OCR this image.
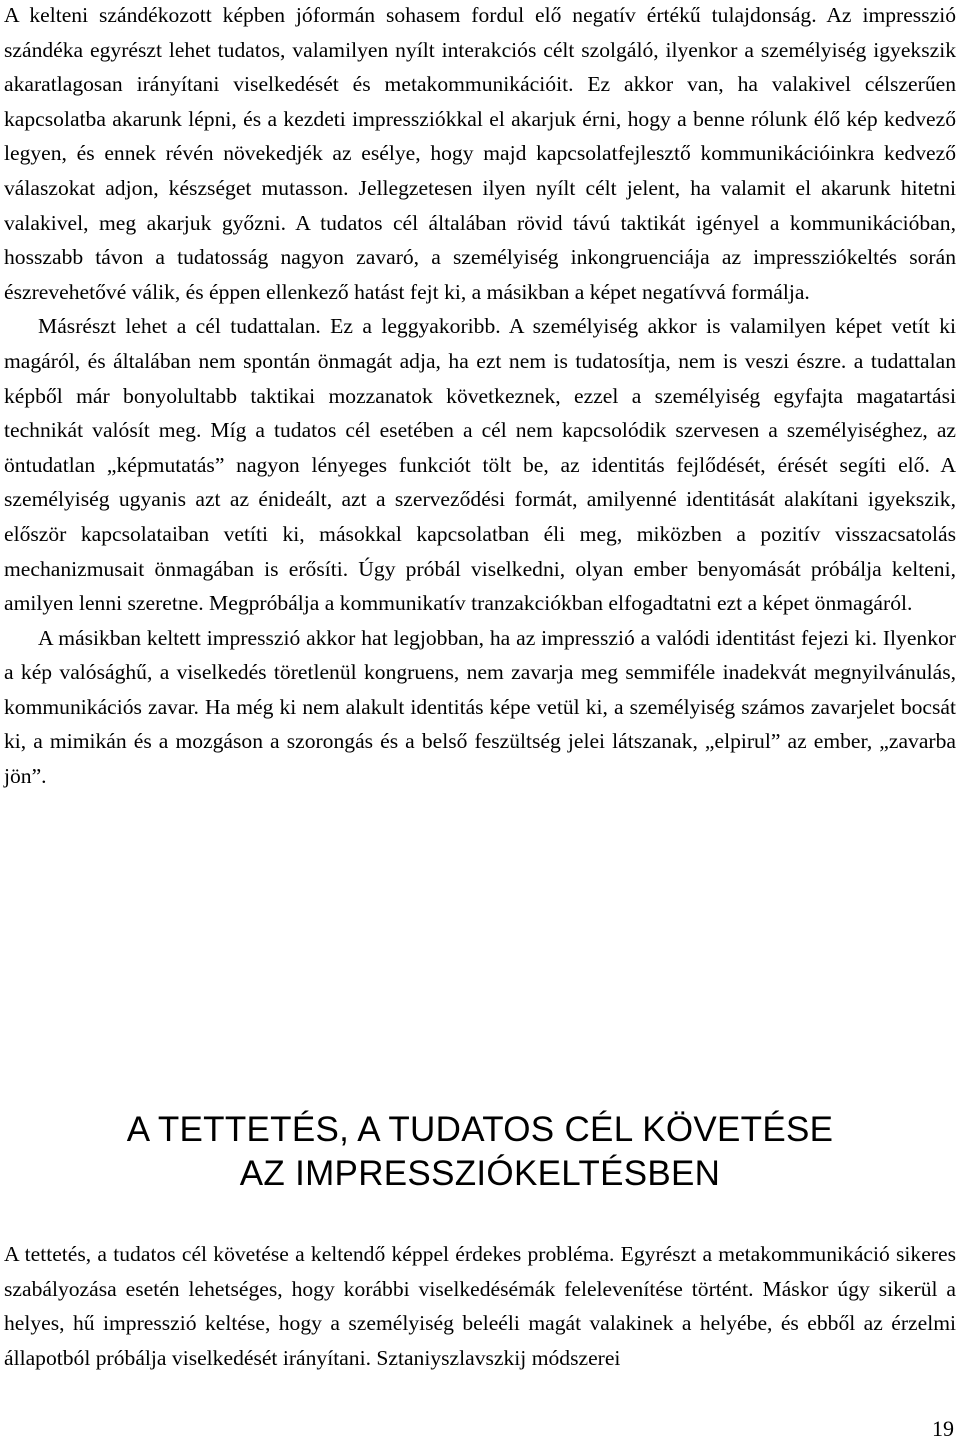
A kelteni szándékozott képben jóformán sohasem fordul elő negatív értékű tulajdonság. Az impresszió szándéka egyrészt lehet tudatos, valamilyen nyílt interakciós célt szolgáló, ilyenkor a személyiség igyekszik akaratlagosan irányítani viselkedését és metakommunikációit. Ez akkor van, ha valakivel célszerűen kapcsolatba akarunk lépni, és a kezdeti impressziókkal el akarjuk érni, hogy a benne rólunk élő kép kedvező legyen, és ennek révén növekedjék az esélye, hogy majd kapcsolatfejlesztő kommunikációinkra kedvező válaszokat adjon, készséget mutasson. Jellegzetesen ilyen nyílt célt jelent, ha valamit el akarunk hitetni valakivel, meg akarjuk győzni. A tudatos cél általában rövid távú taktikát igényel a kommunikációban, hosszabb távon a tudatosság nagyon zavaró, a személyiség inkongruenciája az impressziókeltés során észrevehetővé válik, és éppen ellenkező hatást fejt ki, a másikban a képet negatívvá formálja.

Másrészt lehet a cél tudattalan. Ez a leggyakoribb. A személyiség akkor is valamilyen képet vetít ki magáról, és általában nem spontán önmagát adja, ha ezt nem is tudatosítja, nem is veszi észre. a tudattalan képből már bonyolultabb taktikai mozzanatok következnek, ezzel a személyiség egyfajta magatartási technikát valósít meg. Míg a tudatos cél esetében a cél nem kapcsolódik szervesen a személyiséghez, az öntudatlan „képmutatás” nagyon lényeges funkciót tölt be, az identitás fejlődését, érését segíti elő. A személyiség ugyanis azt az énideált, azt a szerveződési formát, amilyenné identitását alakítani igyekszik, először kapcsolataiban vetíti ki, másokkal kapcsolatban éli meg, miközben a pozitív visszacsatolás mechanizmusait önmagában is erősíti. Úgy próbál viselkedni, olyan ember benyomását próbálja kelteni, amilyen lenni szeretne. Megpróbálja a kommunikatív tranzakciókban elfogadtatni ezt a képet önmagáról.

A másikban keltett impresszió akkor hat legjobban, ha az impresszió a valódi identitást fejezi ki. Ilyenkor a kép valósághű, a viselkedés töretlenül kongruens, nem zavarja meg semmiféle inadekvát megnyilvánulás, kommunikációs zavar. Ha még ki nem alakult identitás képe vetül ki, a személyiség számos zavarjelet bocsát ki, a mimikán és a mozgáson a szorongás és a belső feszültség jelei látszanak, „elpirul” az ember, „zavarba jön”.

A TETTETÉS, A TUDATOS CÉL KÖVETÉSE
AZ IMPRESSZIÓKELTÉSBEN

A tettetés, a tudatos cél követése a keltendő képpel érdekes probléma. Egyrészt a metakommunikáció sikeres szabályozása esetén lehetséges, hogy korábbi viselkedésémák felelevenítése történt. Máskor úgy sikerül a helyes, hű impresszió keltése, hogy a személyiség beleéli magát valakinek a helyébe, és ebből az érzelmi állapotból próbálja viselkedését irányítani. Sztaniyszlavszkij módszerei

19
